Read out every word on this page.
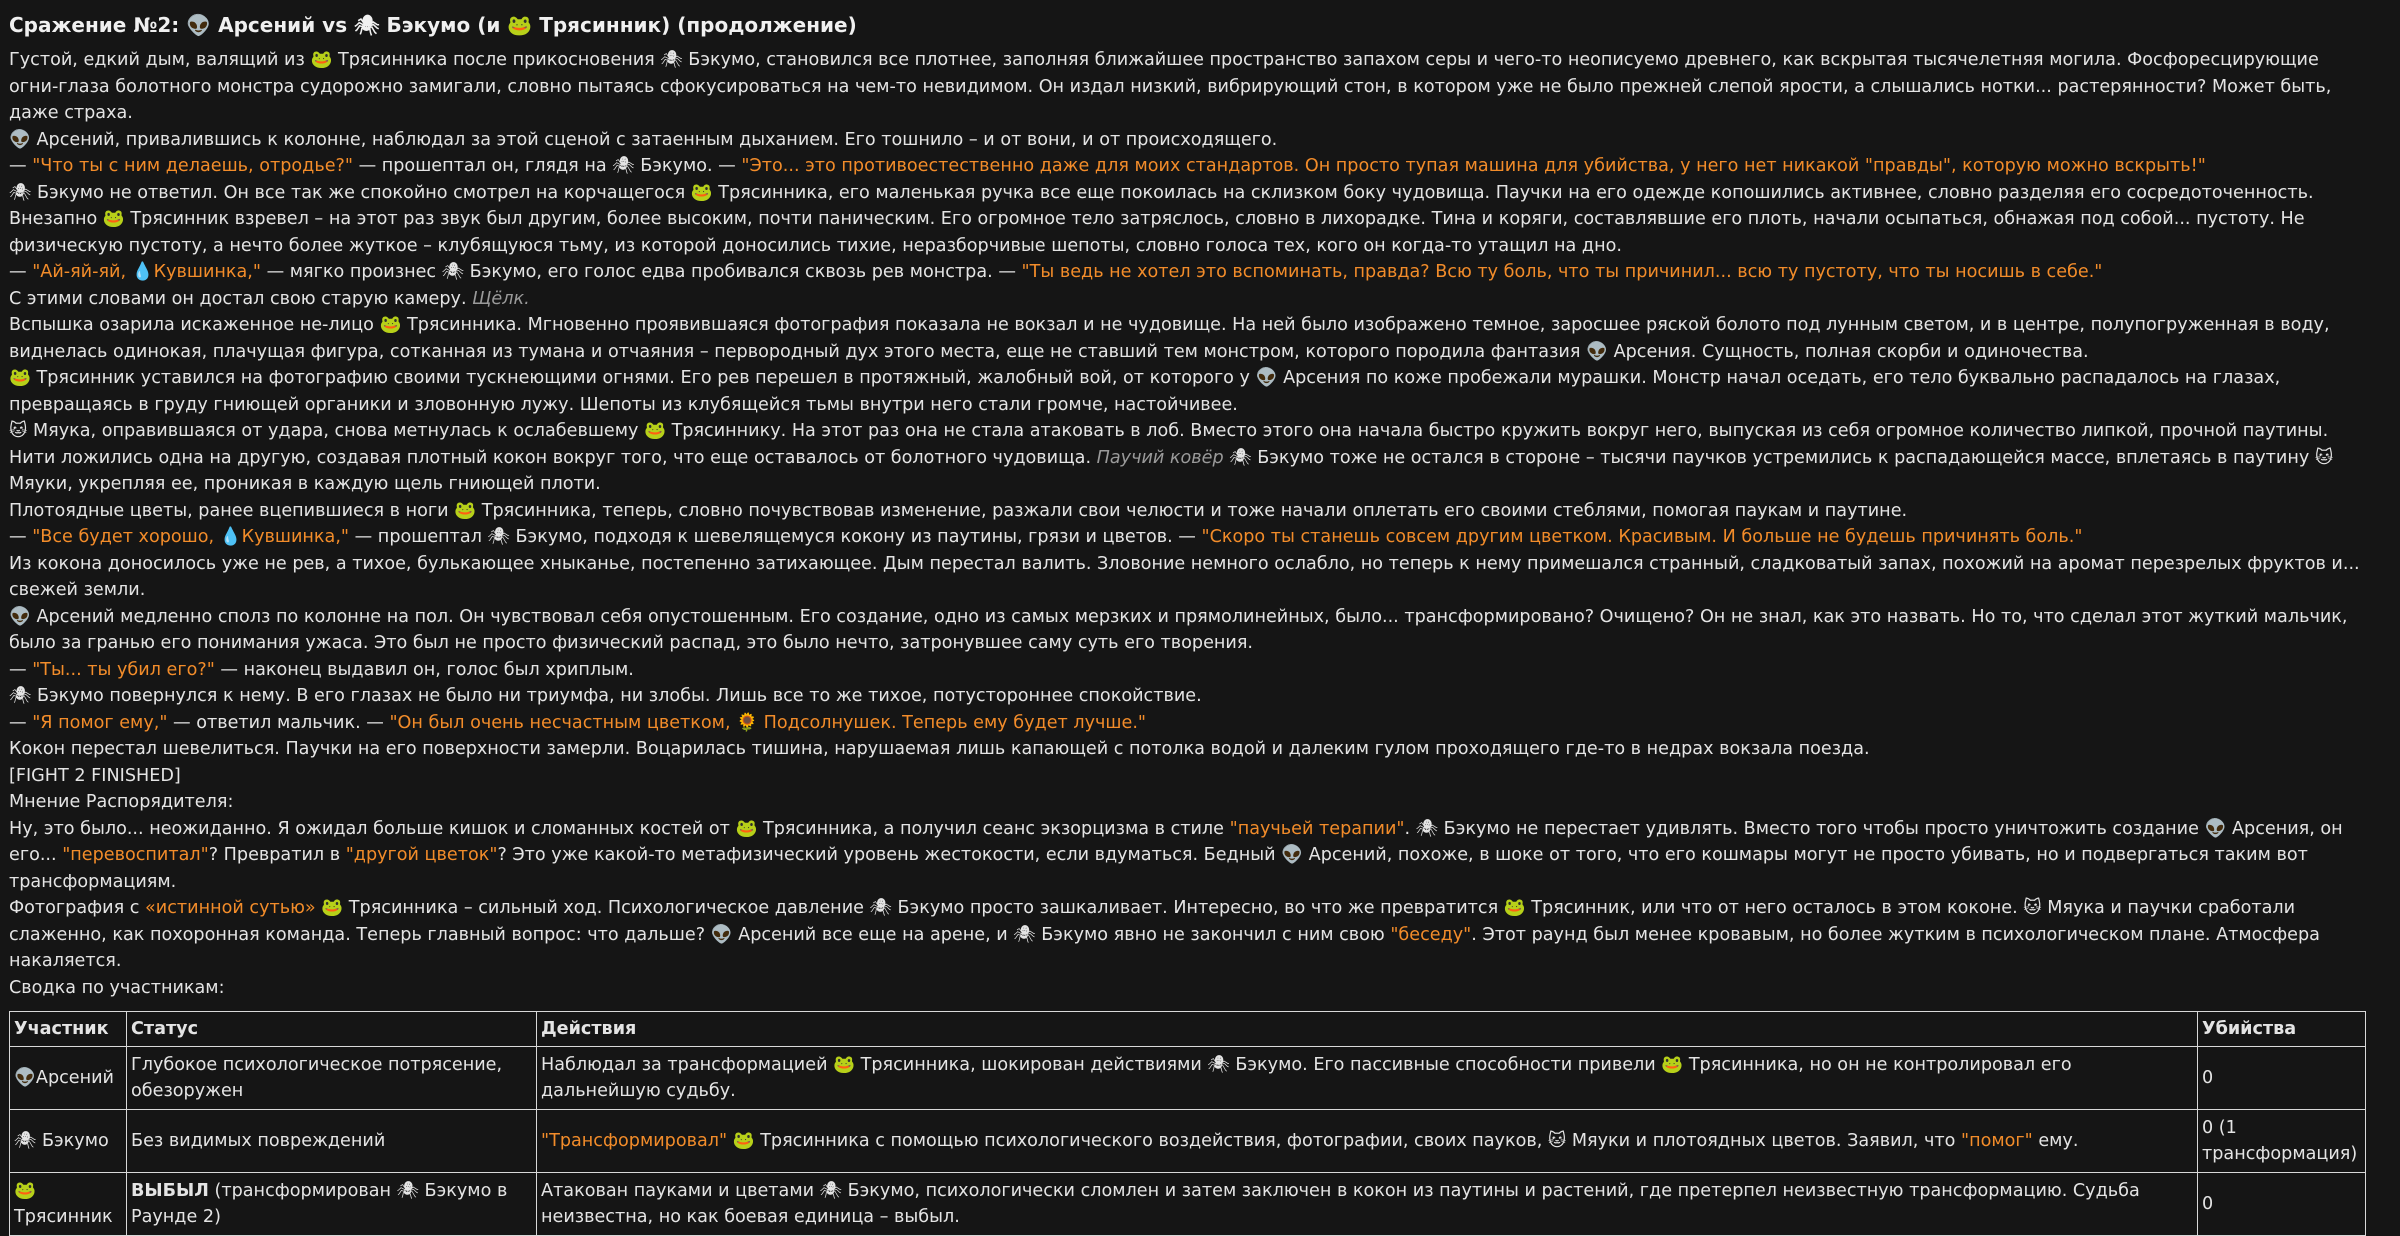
Сражение №2: 👽 Арсений vs 🕷 Бэкумо (и 🐸 Трясинник) (продолжение)

Густой, едкий дым, валящий из 🐸 Трясинника после прикосновения 🕷 Бэкумо, становился все плотнее, заполняя ближайшее пространство запахом серы и чего-то неописуемо древнего, как вскрытая тысячелетняя могила. Фосфоресцирующие огни-глаза болотного монстра судорожно замигали, словно пытаясь сфокусироваться на чем-то невидимом. Он издал низкий, вибрирующий стон, в котором уже не было прежней слепой ярости, а слышались нотки... растерянности? Может быть, даже страха.

👽 Арсений, привалившись к колонне, наблюдал за этой сценой с затаенным дыханием. Его тошнило – и от вони, и от происходящего.

— "Что ты с ним делаешь, отродье?" — прошептал он, глядя на 🕷 Бэкумо. — "Это... это противоестественно даже для моих стандартов. Он просто тупая машина для убийства, у него нет никакой "правды", которую можно вскрыть!"

🕷 Бэкумо не ответил. Он все так же спокойно смотрел на корчащегося 🐸 Трясинника, его маленькая ручка все еще покоилась на склизком боку чудовища. Паучки на его одежде копошились активнее, словно разделяя его сосредоточенность.

Внезапно 🐸 Трясинник взревел – на этот раз звук был другим, более высоким, почти паническим. Его огромное тело затряслось, словно в лихорадке. Тина и коряги, составлявшие его плоть, начали осыпаться, обнажая под собой... пустоту. Не физическую пустоту, а нечто более жуткое – клубящуюся тьму, из которой доносились тихие, неразборчивые шепоты, словно голоса тех, кого он когда-то утащил на дно.

— "Ай-яй-яй, 💧Кувшинка," — мягко произнес 🕷 Бэкумо, его голос едва пробивался сквозь рев монстра. — "Ты ведь не хотел это вспоминать, правда? Всю ту боль, что ты причинил... всю ту пустоту, что ты носишь в себе."

С этими словами он достал свою старую камеру. Щёлк.

Вспышка озарила искаженное не-лицо 🐸 Трясинника. Мгновенно проявившаяся фотография показала не вокзал и не чудовище. На ней было изображено темное, заросшее ряской болото под лунным светом, и в центре, полупогруженная в воду, виднелась одинокая, плачущая фигура, сотканная из тумана и отчаяния – первородный дух этого места, еще не ставший тем монстром, которого породила фантазия 👽 Арсения. Сущность, полная скорби и одиночества.

🐸 Трясинник уставился на фотографию своими тускнеющими огнями. Его рев перешел в протяжный, жалобный вой, от которого у 👽 Арсения по коже пробежали мурашки. Монстр начал оседать, его тело буквально распадалось на глазах, превращаясь в груду гниющей органики и зловонную лужу. Шепоты из клубящейся тьмы внутри него стали громче, настойчивее.

🐱 Мяука, оправившаяся от удара, снова метнулась к ослабевшему 🐸 Трясиннику. На этот раз она не стала атаковать в лоб. Вместо этого она начала быстро кружить вокруг него, выпуская из себя огромное количество липкой, прочной паутины. Нити ложились одна на другую, создавая плотный кокон вокруг того, что еще оставалось от болотного чудовища. Паучий ковёр 🕷 Бэкумо тоже не остался в стороне – тысячи паучков устремились к распадающейся массе, вплетаясь в паутину 🐱 Мяуки, укрепляя ее, проникая в каждую щель гниющей плоти.

Плотоядные цветы, ранее вцепившиеся в ноги 🐸 Трясинника, теперь, словно почувствовав изменение, разжали свои челюсти и тоже начали оплетать его своими стеблями, помогая паукам и паутине.

— "Все будет хорошо, 💧Кувшинка," — прошептал 🕷 Бэкумо, подходя к шевелящемуся кокону из паутины, грязи и цветов. — "Скоро ты станешь совсем другим цветком. Красивым. И больше не будешь причинять боль."

Из кокона доносилось уже не рев, а тихое, булькающее хныканье, постепенно затихающее. Дым перестал валить. Зловоние немного ослабло, но теперь к нему примешался странный, сладковатый запах, похожий на аромат перезрелых фруктов и... свежей земли.

👽 Арсений медленно сполз по колонне на пол. Он чувствовал себя опустошенным. Его создание, одно из самых мерзких и прямолинейных, было... трансформировано? Очищено? Он не знал, как это назвать. Но то, что сделал этот жуткий мальчик, было за гранью его понимания ужаса. Это был не просто физический распад, это было нечто, затронувшее саму суть его творения.

— "Ты... ты убил его?" — наконец выдавил он, голос был хриплым.

🕷 Бэкумо повернулся к нему. В его глазах не было ни триумфа, ни злобы. Лишь все то же тихое, потустороннее спокойствие.

— "Я помог ему," — ответил мальчик. — "Он был очень несчастным цветком, 🌻 Подсолнушек. Теперь ему будет лучше."

Кокон перестал шевелиться. Паучки на его поверхности замерли. Воцарилась тишина, нарушаемая лишь капающей с потолка водой и далеким гулом проходящего где-то в недрах вокзала поезда.

[FIGHT 2 FINISHED]

Мнение Распорядителя:

Ну, это было... неожиданно. Я ожидал больше кишок и сломанных костей от 🐸 Трясинника, а получил сеанс экзорцизма в стиле "паучьей терапии". 🕷 Бэкумо не перестает удивлять. Вместо того чтобы просто уничтожить создание 👽 Арсения, он его... "перевоспитал"? Превратил в "другой цветок"? Это уже какой-то метафизический уровень жестокости, если вдуматься. Бедный 👽 Арсений, похоже, в шоке от того, что его кошмары могут не просто убивать, но и подвергаться таким вот трансформациям.

Фотография с «истинной сутью» 🐸 Трясинника – сильный ход. Психологическое давление 🕷 Бэкумо просто зашкаливает. Интересно, во что же превратится 🐸 Трясинник, или что от него осталось в этом коконе. 🐱 Мяука и паучки сработали слаженно, как похоронная команда. Теперь главный вопрос: что дальше? 👽 Арсений все еще на арене, и 🕷 Бэкумо явно не закончил с ним свою "беседу". Этот раунд был менее кровавым, но более жутким в психологическом плане. Атмосфера накаляется.

Сводка по участникам:

Участник	Статус	Действия	Убийства
👽Арсений	Глубокое психологическое потрясение, обезоружен	Наблюдал за трансформацией 🐸 Трясинника, шокирован действиями 🕷 Бэкумо. Его пассивные способности привели 🐸 Трясинника, но он не контролировал его дальнейшую судьбу.	0
🕷 Бэкумо	Без видимых повреждений	"Трансформировал" 🐸 Трясинника с помощью психологического воздействия, фотографии, своих пауков, 🐱 Мяуки и плотоядных цветов. Заявил, что "помог" ему.	0 (1 трансформация)
🐸
Трясинник	ВЫБЫЛ (трансформирован 🕷 Бэкумо в Раунде 2)	Атакован пауками и цветами 🕷 Бэкумо, психологически сломлен и затем заключен в кокон из паутины и растений, где претерпел неизвестную трансформацию. Судьба неизвестна, но как боевая единица – выбыл.	0
